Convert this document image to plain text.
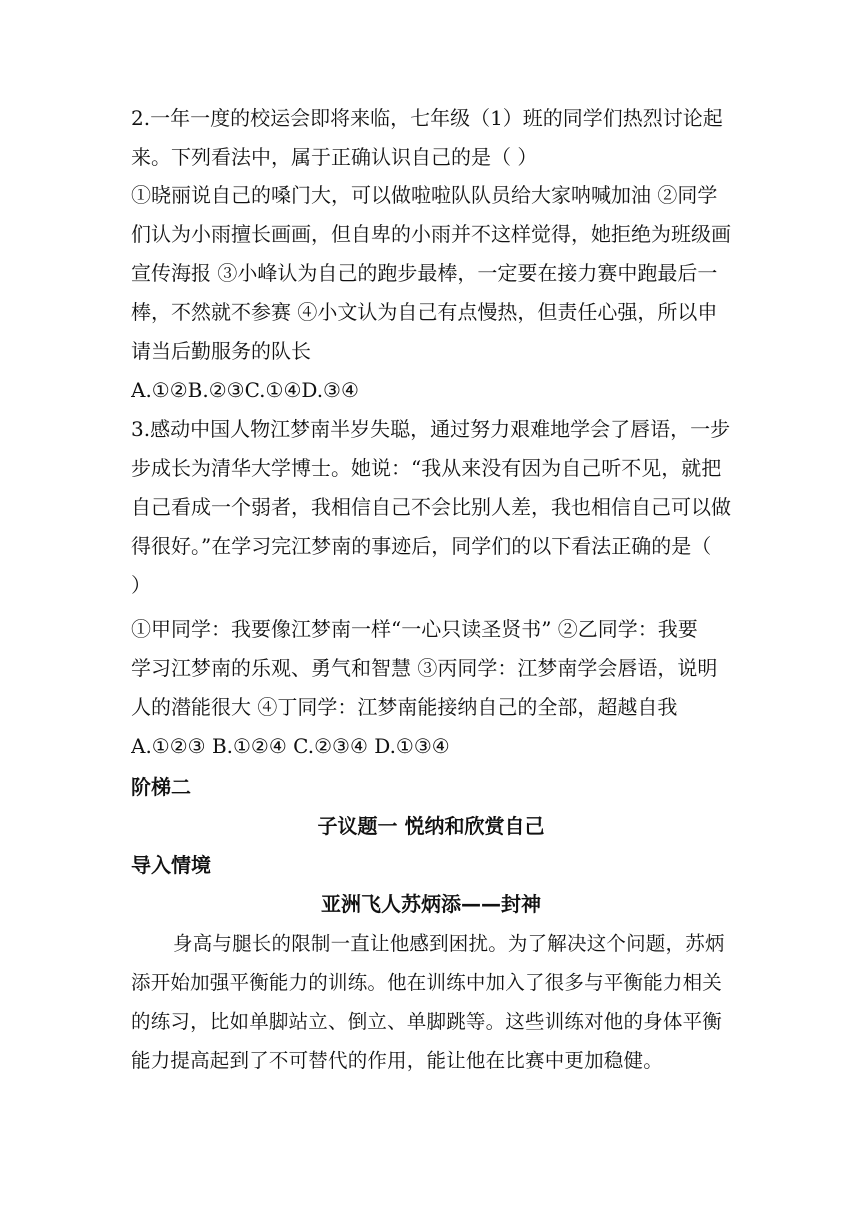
2.一年一度的校运会即将来临，七年级（1）班的同学们热烈讨论起
来。下列看法中，属于正确认识自己的是（ ）
①晓丽说自己的嗓门大，可以做啦啦队队员给大家呐喊加油 ②同学
们认为小雨擅长画画，但自卑的小雨并不这样觉得，她拒绝为班级画
宣传海报 ③小峰认为自己的跑步最棒，一定要在接力赛中跑最后一
棒，不然就不参赛 ④小文认为自己有点慢热，但责任心强，所以申
请当后勤服务的队长
A.①②B.②③C.①④D.③④
3.感动中国人物江梦南半岁失聪，通过努力艰难地学会了唇语，一步
步成长为清华大学博士。她说：“我从来没有因为自己听不见，就把
自己看成一个弱者，我相信自己不会比别人差，我也相信自己可以做
得很好。”在学习完江梦南的事迹后，同学们的以下看法正确的是（
）
①甲同学：我要像江梦南一样“一心只读圣贤书” ②乙同学：我要
学习江梦南的乐观、勇气和智慧 ③丙同学：江梦南学会唇语，说明
人的潜能很大 ④丁同学：江梦南能接纳自己的全部，超越自我
A.①②③ B.①②④ C.②③④ D.①③④
阶梯二
子议题一 悦纳和欣赏自己
导入情境
亚洲飞人苏炳添——封神
身高与腿长的限制一直让他感到困扰。为了解决这个问题，苏炳
添开始加强平衡能力的训练。他在训练中加入了很多与平衡能力相关
的练习，比如单脚站立、倒立、单脚跳等。这些训练对他的身体平衡
能力提高起到了不可替代的作用，能让他在比赛中更加稳健。
